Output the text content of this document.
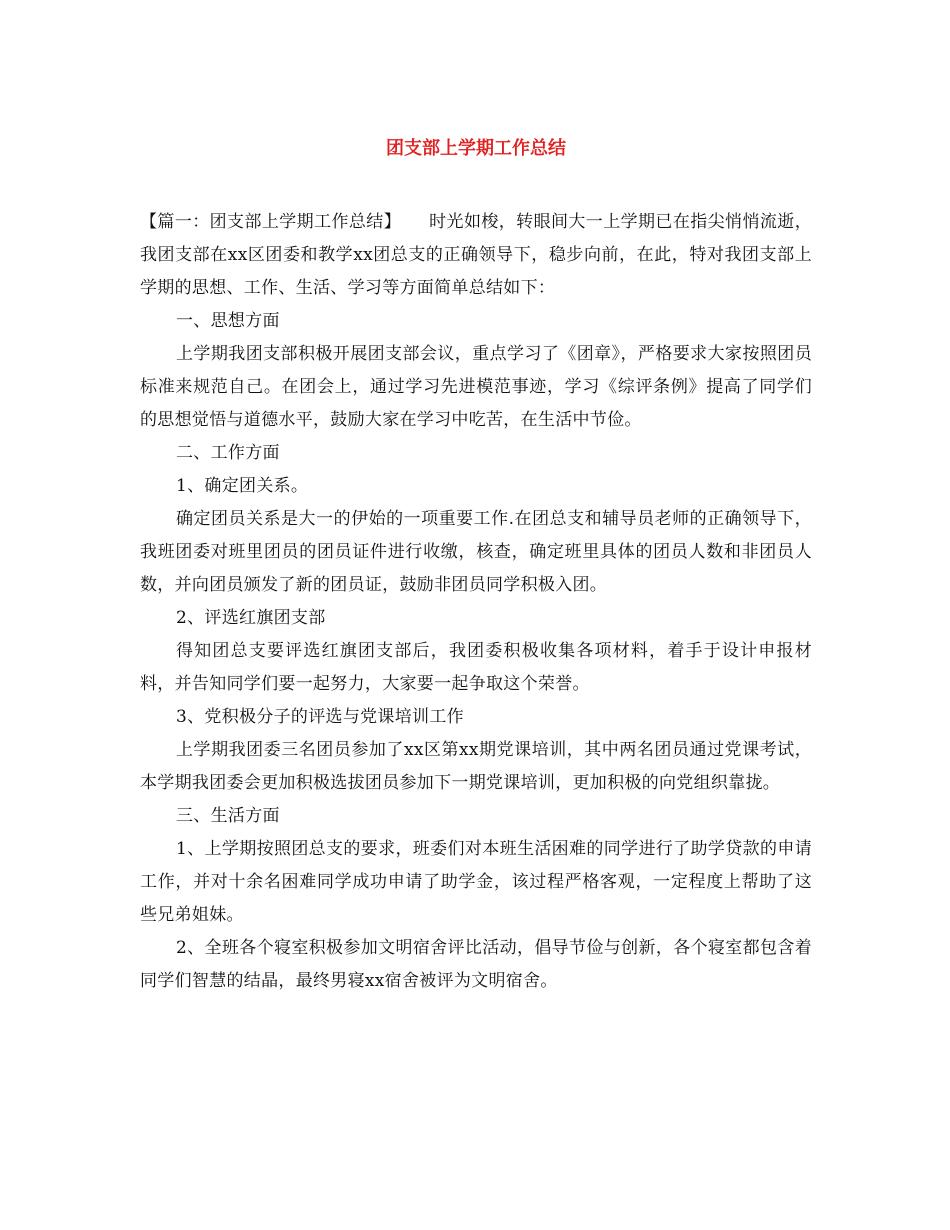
团支部上学期工作总结

【篇一：团支部上学期工作总结】 时光如梭，转眼间大一上学期已在指尖悄悄流逝，我团支部在xx区团委和教学xx团总支的正确领导下，稳步向前，在此，特对我团支部上学期的思想、工作、生活、学习等方面简单总结如下：

一、思想方面

上学期我团支部积极开展团支部会议，重点学习了《团章》，严格要求大家按照团员标准来规范自己。在团会上，通过学习先进模范事迹，学习《综评条例》提高了同学们的思想觉悟与道德水平，鼓励大家在学习中吃苦，在生活中节俭。

二、工作方面

1、确定团关系。

确定团员关系是大一的伊始的一项重要工作.在团总支和辅导员老师的正确领导下，我班团委对班里团员的团员证件进行收缴，核查，确定班里具体的团员人数和非团员人数，并向团员颁发了新的团员证，鼓励非团员同学积极入团。

2、评选红旗团支部

得知团总支要评选红旗团支部后，我团委积极收集各项材料，着手于设计申报材料，并告知同学们要一起努力，大家要一起争取这个荣誉。

3、党积极分子的评选与党课培训工作

上学期我团委三名团员参加了xx区第xx期党课培训，其中两名团员通过党课考试，本学期我团委会更加积极选拔团员参加下一期党课培训，更加积极的向党组织靠拢。

三、生活方面

1、上学期按照团总支的要求，班委们对本班生活困难的同学进行了助学贷款的申请工作，并对十余名困难同学成功申请了助学金，该过程严格客观，一定程度上帮助了这些兄弟姐妹。

2、全班各个寝室积极参加文明宿舍评比活动，倡导节俭与创新，各个寝室都包含着同学们智慧的结晶，最终男寝xx宿舍被评为文明宿舍。
